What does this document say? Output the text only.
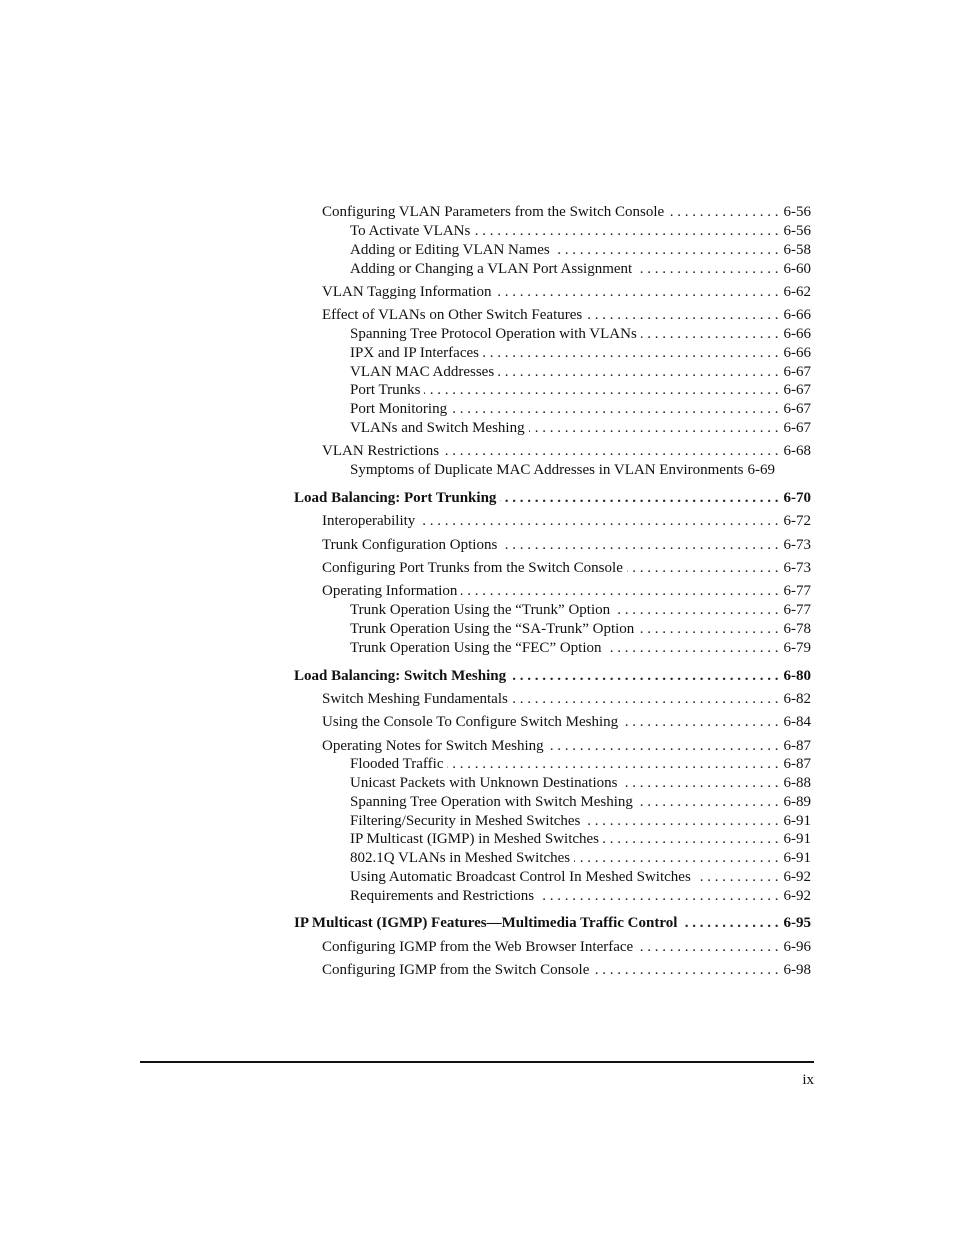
Configuring VLAN Parameters from the Switch Console . . .	6-56
To Activate VLANs . . .	6-56
Adding or Editing VLAN Names . . .	6-58
Adding or Changing a VLAN Port Assignment . . .	6-60
VLAN Tagging Information . . .	6-62
Effect of VLANs on Other Switch Features . . .	6-66
Spanning Tree Protocol Operation with VLANs . . .	6-66
IPX and IP Interfaces . . .	6-66
VLAN MAC Addresses . . .	6-67
Port Trunks . . .	6-67
Port Monitoring . . .	6-67
VLANs and Switch Meshing . . .	6-67
VLAN Restrictions . . .	6-68
Symptoms of Duplicate MAC Addresses in VLAN Environments 6-69
Load Balancing: Port Trunking . . .	6-70
Interoperability . . .	6-72
Trunk Configuration Options . . .	6-73
Configuring Port Trunks from the Switch Console . . .	6-73
Operating Information . . .	6-77
Trunk Operation Using the “Trunk” Option . . .	6-77
Trunk Operation Using the “SA-Trunk” Option . . .	6-78
Trunk Operation Using the “FEC” Option . . .	6-79
Load Balancing: Switch Meshing . . .	6-80
Switch Meshing Fundamentals . . .	6-82
Using the Console To Configure Switch Meshing . . .	6-84
Operating Notes for Switch Meshing . . .	6-87
Flooded Traffic . . .	6-87
Unicast Packets with Unknown Destinations . . .	6-88
Spanning Tree Operation with Switch Meshing . . .	6-89
Filtering/Security in Meshed Switches . . .	6-91
IP Multicast (IGMP) in Meshed Switches . . .	6-91
802.1Q VLANs in Meshed Switches . . .	6-91
Using Automatic Broadcast Control In Meshed Switches . . .	6-92
Requirements and Restrictions . . .	6-92
IP Multicast (IGMP) Features—Multimedia Traffic Control . . .	6-95
Configuring IGMP from the Web Browser Interface . . .	6-96
Configuring IGMP from the Switch Console . . .	6-98
ix
